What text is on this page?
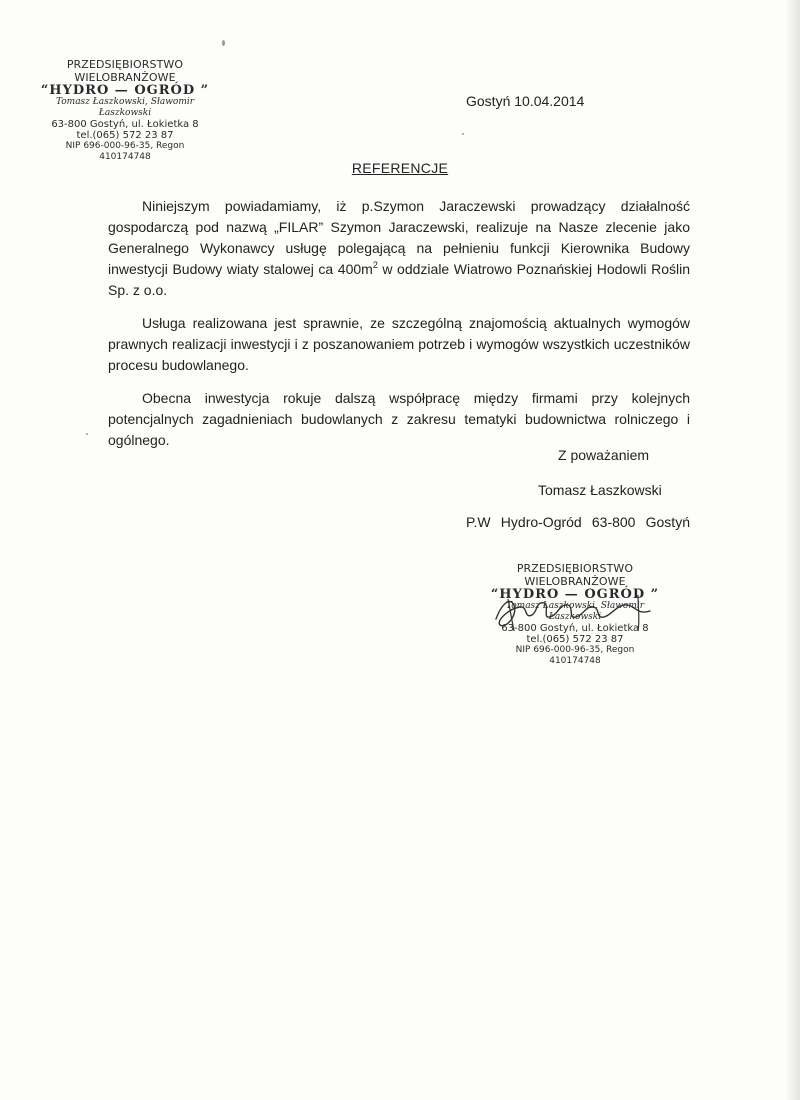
PRZEDSIĘBIORSTWO WIELOBRANŻOWE
“HYDRO — OGRÓD ”
Tomasz Łaszkowski, Sławomir Łaszkowski
63-800 Gostyń, ul. Łokietka 8
tel.(065) 572 23 87
NIP 696-000-96-35, Regon 410174748
Gostyń 10.04.2014
REFERENCJE

Niniejszym powiadamiamy, iż p.Szymon Jaraczewski prowadzący działalność gospodarczą pod nazwą „FILAR” Szymon Jaraczewski, realizuje na Nasze zlecenie jako Generalnego Wykonawcy usługę polegającą na pełnieniu funkcji Kierownika Budowy inwestycji Budowy wiaty stalowej ca $400m^2$ w oddziale Wiatrowo Poznańskiej Hodowli Roślin Sp. z o.o.

Usługa realizowana jest sprawnie, ze szczególną znajomością aktualnych wymogów prawnych realizacji inwestycji i z poszanowaniem potrzeb i wymogów wszystkich uczestników procesu budowlanego.

Obecna inwestycja rokuje dalszą współpracę między firmami przy kolejnych potencjalnych zagadnieniach budowlanych z zakresu tematyki budownictwa rolniczego i ogólnego.

Z poważaniem
Tomasz Łaszkowski
P.W Hydro-Ogród 63-800 Gostyń
PRZEDSIĘBIORSTWO WIELOBRANŻOWE
“HYDRO — OGRÓD ”
Tomasz Łaszkowski, Sławomir Łaszkowski
63-800 Gostyń, ul. Łokietka 8
tel.(065) 572 23 87
NIP 696-000-96-35, Regon 410174748
